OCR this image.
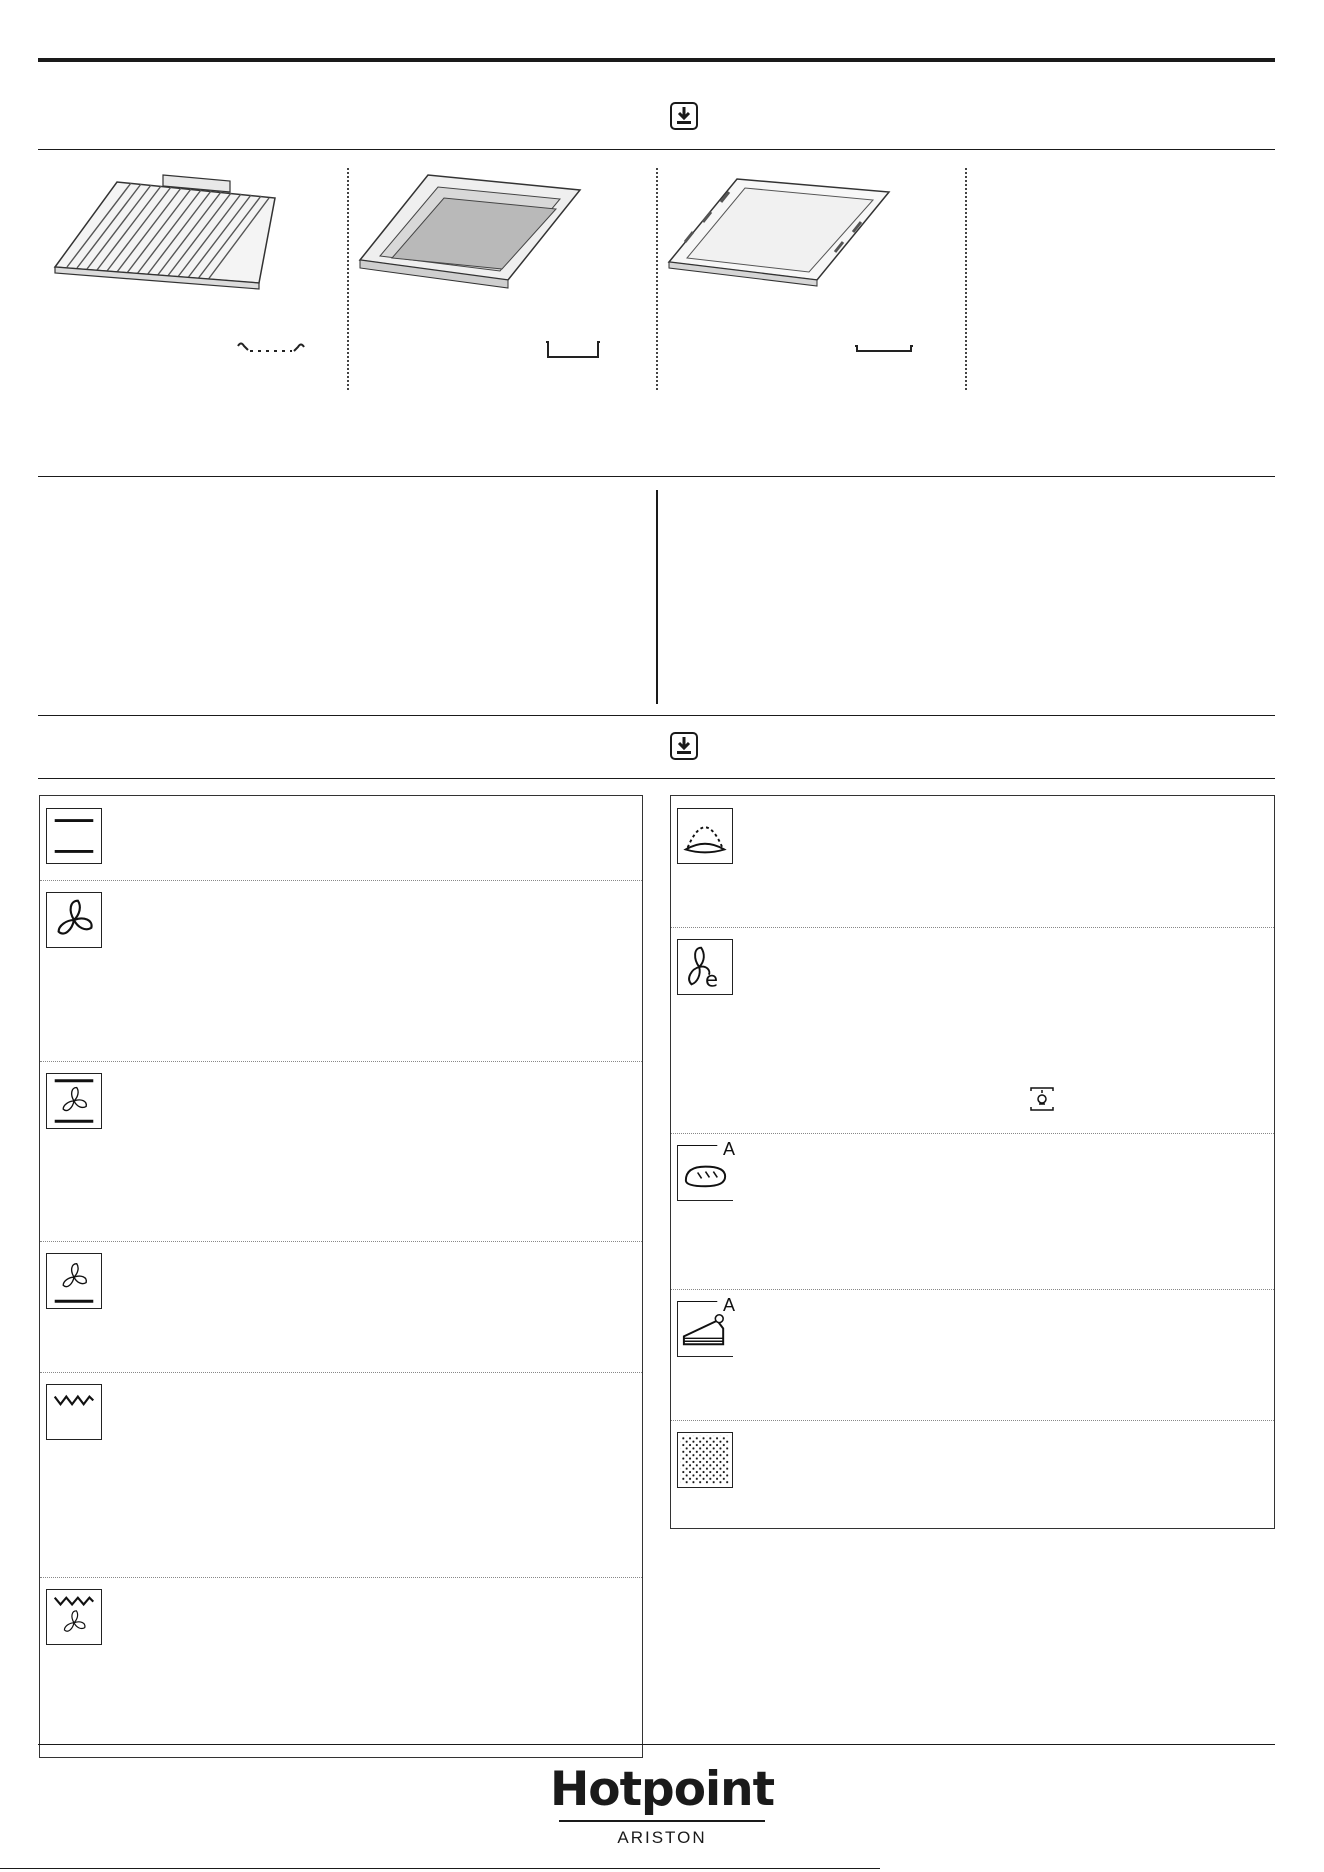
e
A
A
Hotpoint
ARISTON
